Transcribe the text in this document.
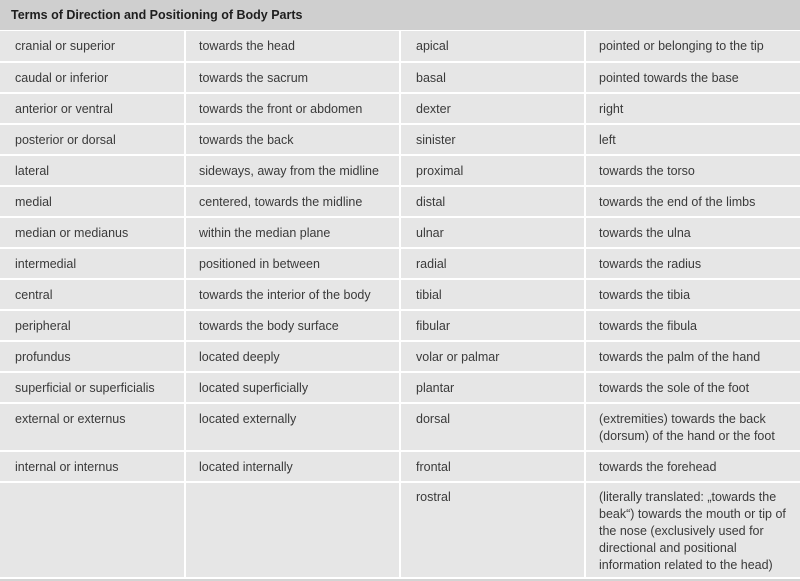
Terms of Direction and Positioning of Body Parts
cranial or superior	towards the head	apical	pointed or belonging to the tip
caudal or inferior	towards the sacrum	basal	pointed towards the base
anterior or ventral	towards the front or abdomen	dexter	right
posterior or dorsal	towards the back	sinister	left
lateral	sideways, away from the midline	proximal	towards the torso
medial	centered, towards the midline	distal	towards the end of the limbs
median or medianus	within the median plane	ulnar	towards the ulna
intermedial	positioned in between	radial	towards the radius
central	towards the interior of the body	tibial	towards the tibia
peripheral	towards the body surface	fibular	towards the fibula
profundus	located deeply	volar or palmar	towards the palm of the hand
superficial or superficialis	located superficially	plantar	towards the sole of the foot
external or externus	located externally	dorsal	(extremities) towards the back (dorsum) of the hand or the foot
internal or internus	located internally	frontal	towards the forehead
		rostral	(literally translated: „towards the beak“) towards the mouth or tip of the nose (exclusively used for directional and positional information related to the head)
